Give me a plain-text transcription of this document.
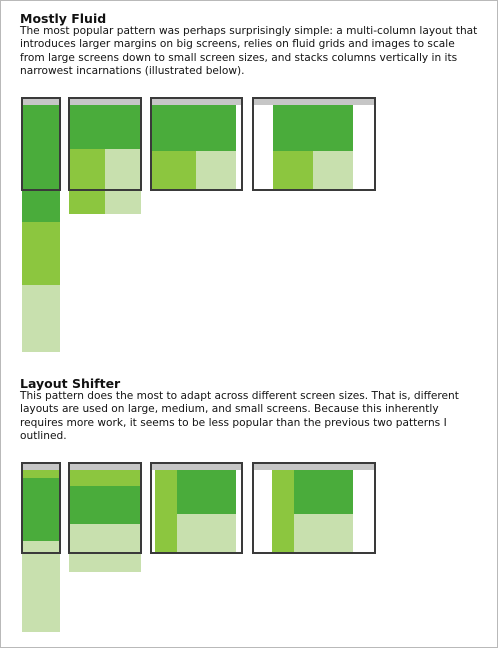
Mostly Fluid

The most popular pattern was perhaps surprisingly simple: a multi-column layout that introduces larger margins on big screens, relies on fluid grids and images to scale from large screens down to small screen sizes, and stacks columns vertically in its narrowest incarnations (illustrated below).

Layout Shifter

This pattern does the most to adapt across different screen sizes. That is, different layouts are used on large, medium, and small screens. Because this inherently requires more work, it seems to be less popular than the previous two patterns I outlined.
